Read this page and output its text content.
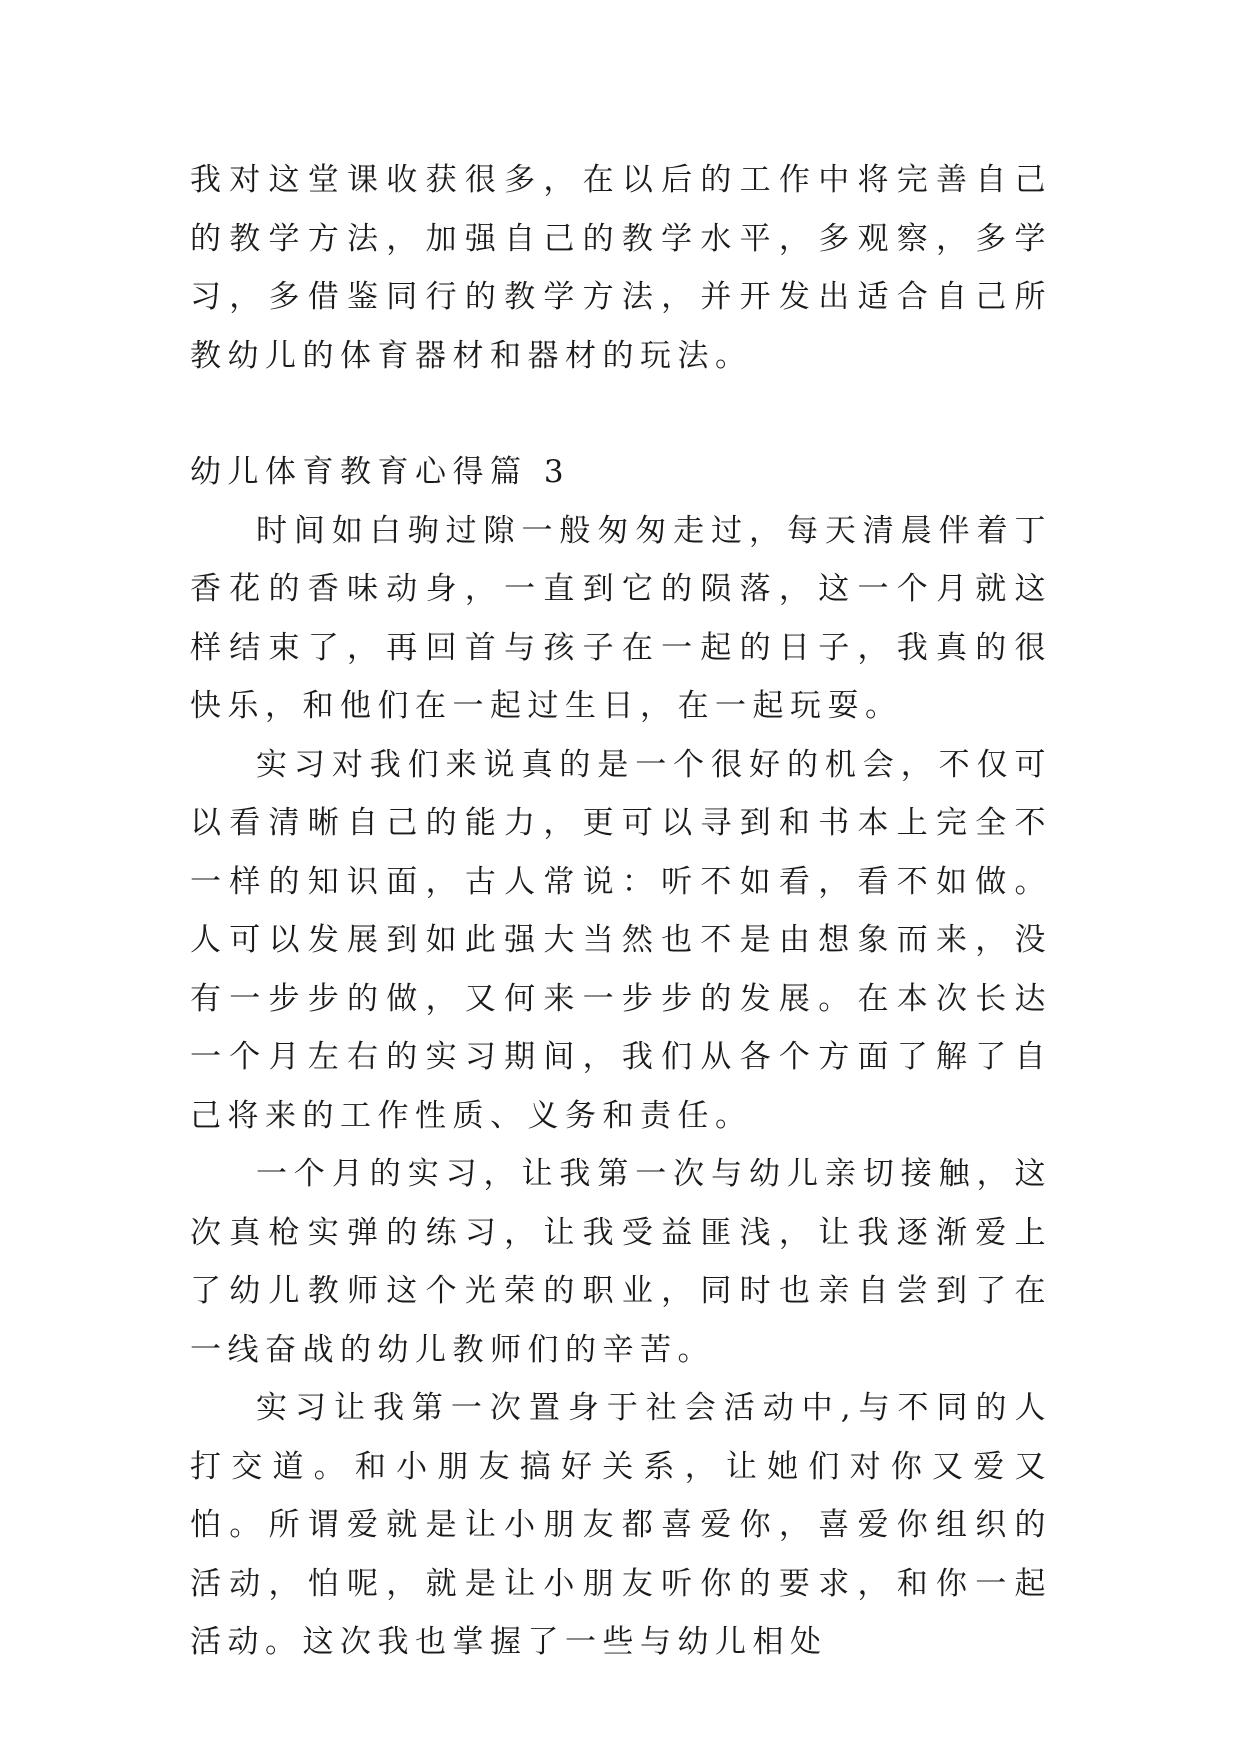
我对这堂课收获很多，在以后的工作中将完善自己的教学方法，加强自己的教学水平，多观察，多学习，多借鉴同行的教学方法，并开发出适合自己所教幼儿的体育器材和器材的玩法。

幼儿体育教育心得篇 3

时间如白驹过隙一般匆匆走过，每天清晨伴着丁香花的香味动身，一直到它的陨落，这一个月就这样结束了，再回首与孩子在一起的日子，我真的很快乐，和他们在一起过生日，在一起玩耍。

实习对我们来说真的是一个很好的机会，不仅可以看清晰自己的能力，更可以寻到和书本上完全不一样的知识面，古人常说：听不如看，看不如做。人可以发展到如此强大当然也不是由想象而来，没有一步步的做，又何来一步步的发展。在本次长达一个月左右的实习期间，我们从各个方面了解了自己将来的工作性质、义务和责任。

一个月的实习，让我第一次与幼儿亲切接触，这次真枪实弹的练习，让我受益匪浅，让我逐渐爱上了幼儿教师这个光荣的职业，同时也亲自尝到了在一线奋战的幼儿教师们的辛苦。

实习让我第一次置身于社会活动中,与不同的人打交道。和小朋友搞好关系，让她们对你又爱又怕。所谓爱就是让小朋友都喜爱你，喜爱你组织的活动，怕呢，就是让小朋友听你的要求，和你一起活动。这次我也掌握了一些与幼儿相处
